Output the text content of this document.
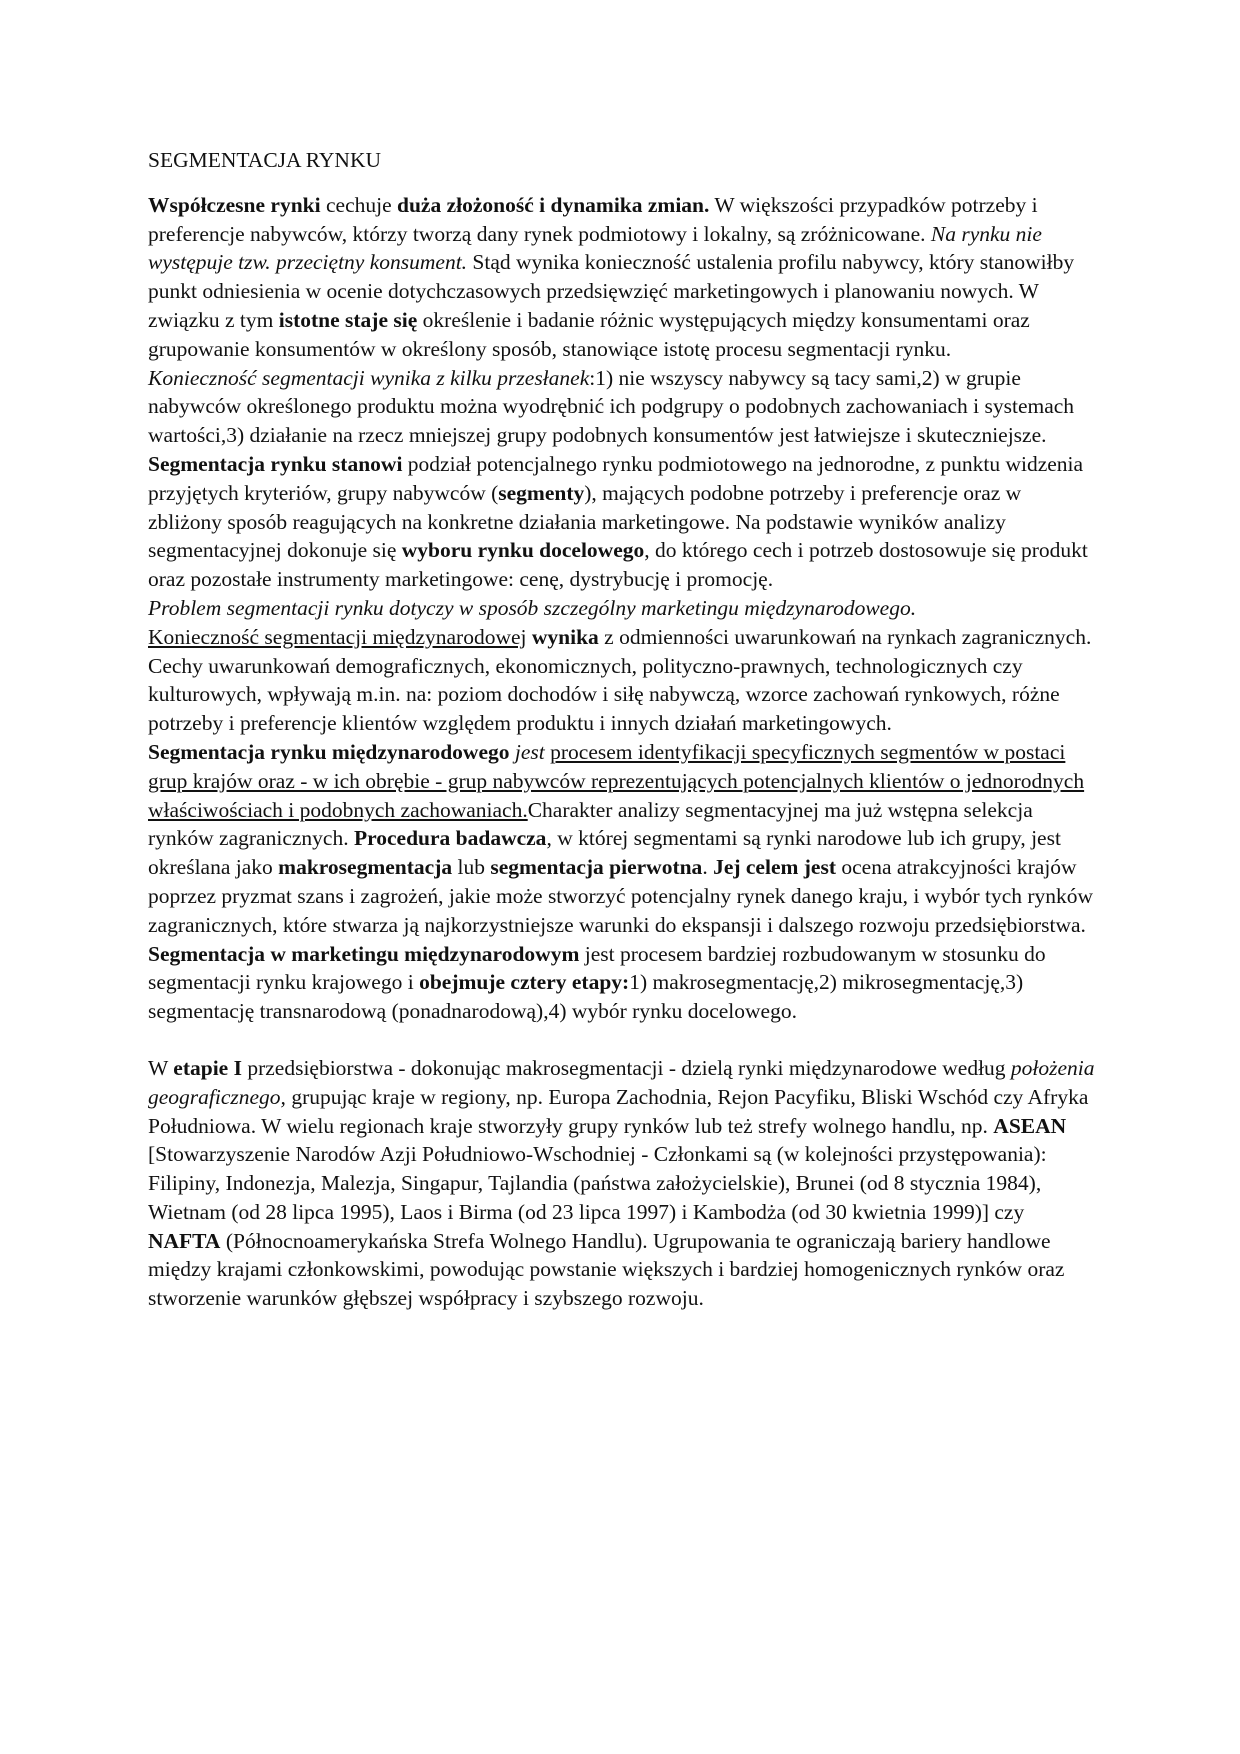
SEGMENTACJA RYNKU

Współczesne rynki cechuje duża złożoność i dynamika zmian. W większości przypadków potrzeby i preferencje nabywców, którzy tworzą dany rynek podmiotowy i lokalny, są zróżnicowane. Na rynku nie występuje tzw. przeciętny konsument. Stąd wynika konieczność ustalenia profilu nabywcy, który stanowiłby punkt odniesienia w ocenie dotychczasowych przedsięwzięć marketingowych i planowaniu nowych. W związku z tym istotne staje się określenie i badanie różnic występujących między konsumentami oraz grupowanie konsumentów w określony sposób, stanowiące istotę procesu segmentacji rynku.

Konieczność segmentacji wynika z kilku przesłanek:1) nie wszyscy nabywcy są tacy sami,2) w grupie nabywców określonego produktu można wyodrębnić ich podgrupy o podobnych zachowaniach i systemach wartości,3) działanie na rzecz mniejszej grupy podobnych konsumentów jest łatwiejsze i skuteczniejsze.

Segmentacja rynku stanowi podział potencjalnego rynku podmiotowego na jednorodne, z punktu widzenia przyjętych kryteriów, grupy nabywców (segmenty), mających podobne potrzeby i preferencje oraz w zbliżony sposób reagujących na konkretne działania marketingowe. Na podstawie wyników analizy segmentacyjnej dokonuje się wyboru rynku docelowego, do którego cech i potrzeb dostosowuje się produkt oraz pozostałe instrumenty marketingowe: cenę, dystrybucję i promocję.

Problem segmentacji rynku dotyczy w sposób szczególny marketingu międzynarodowego.

Konieczność segmentacji międzynarodowej wynika z odmienności uwarunkowań na rynkach zagranicznych. Cechy uwarunkowań demograficznych, ekonomicznych, polityczno-prawnych, technologicznych czy kulturowych, wpływają m.in. na: poziom dochodów i siłę nabywczą, wzorce zachowań rynkowych, różne potrzeby i preferencje klientów względem produktu i innych działań marketingowych.

Segmentacja rynku międzynarodowego jest procesem identyfikacji specyficznych segmentów w postaci grup krajów oraz - w ich obrębie - grup nabywców reprezentujących potencjalnych klientów o jednorodnych właściwościach i podobnych zachowaniach.Charakter analizy segmentacyjnej ma już wstępna selekcja rynków zagranicznych. Procedura badawcza, w której segmentami są rynki narodowe lub ich grupy, jest określana jako makrosegmentacja lub segmentacja pierwotna. Jej celem jest ocena atrakcyjności krajów poprzez pryzmat szans i zagrożeń, jakie może stworzyć potencjalny rynek danego kraju, i wybór tych rynków zagranicznych, które stwarza ją najkorzystniejsze warunki do ekspansji i dalszego rozwoju przedsiębiorstwa.

Segmentacja w marketingu międzynarodowym jest procesem bardziej rozbudowanym w stosunku do segmentacji rynku krajowego i obejmuje cztery etapy:1) makrosegmentację,2) mikrosegmentację,3) segmentację transnarodową (ponadnarodową),4) wybór rynku docelowego.

W etapie I przedsiębiorstwa - dokonując makrosegmentacji - dzielą rynki międzynarodowe według położenia geograficznego, grupując kraje w regiony, np. Europa Zachodnia, Rejon Pacyfiku, Bliski Wschód czy Afryka Południowa. W wielu regionach kraje stworzyły grupy rynków lub też strefy wolnego handlu, np. ASEAN [Stowarzyszenie Narodów Azji Południowo-Wschodniej - Członkami są (w kolejności przystępowania): Filipiny, Indonezja, Malezja, Singapur, Tajlandia (państwa założycielskie), Brunei (od 8 stycznia 1984), Wietnam (od 28 lipca 1995), Laos i Birma (od 23 lipca 1997) i Kambodża (od 30 kwietnia 1999)] czy NAFTA (Północnoamerykańska Strefa Wolnego Handlu). Ugrupowania te ograniczają bariery handlowe między krajami członkowskimi, powodując powstanie większych i bardziej homogenicznych rynków oraz stworzenie warunków głębszej współpracy i szybszego rozwoju.
